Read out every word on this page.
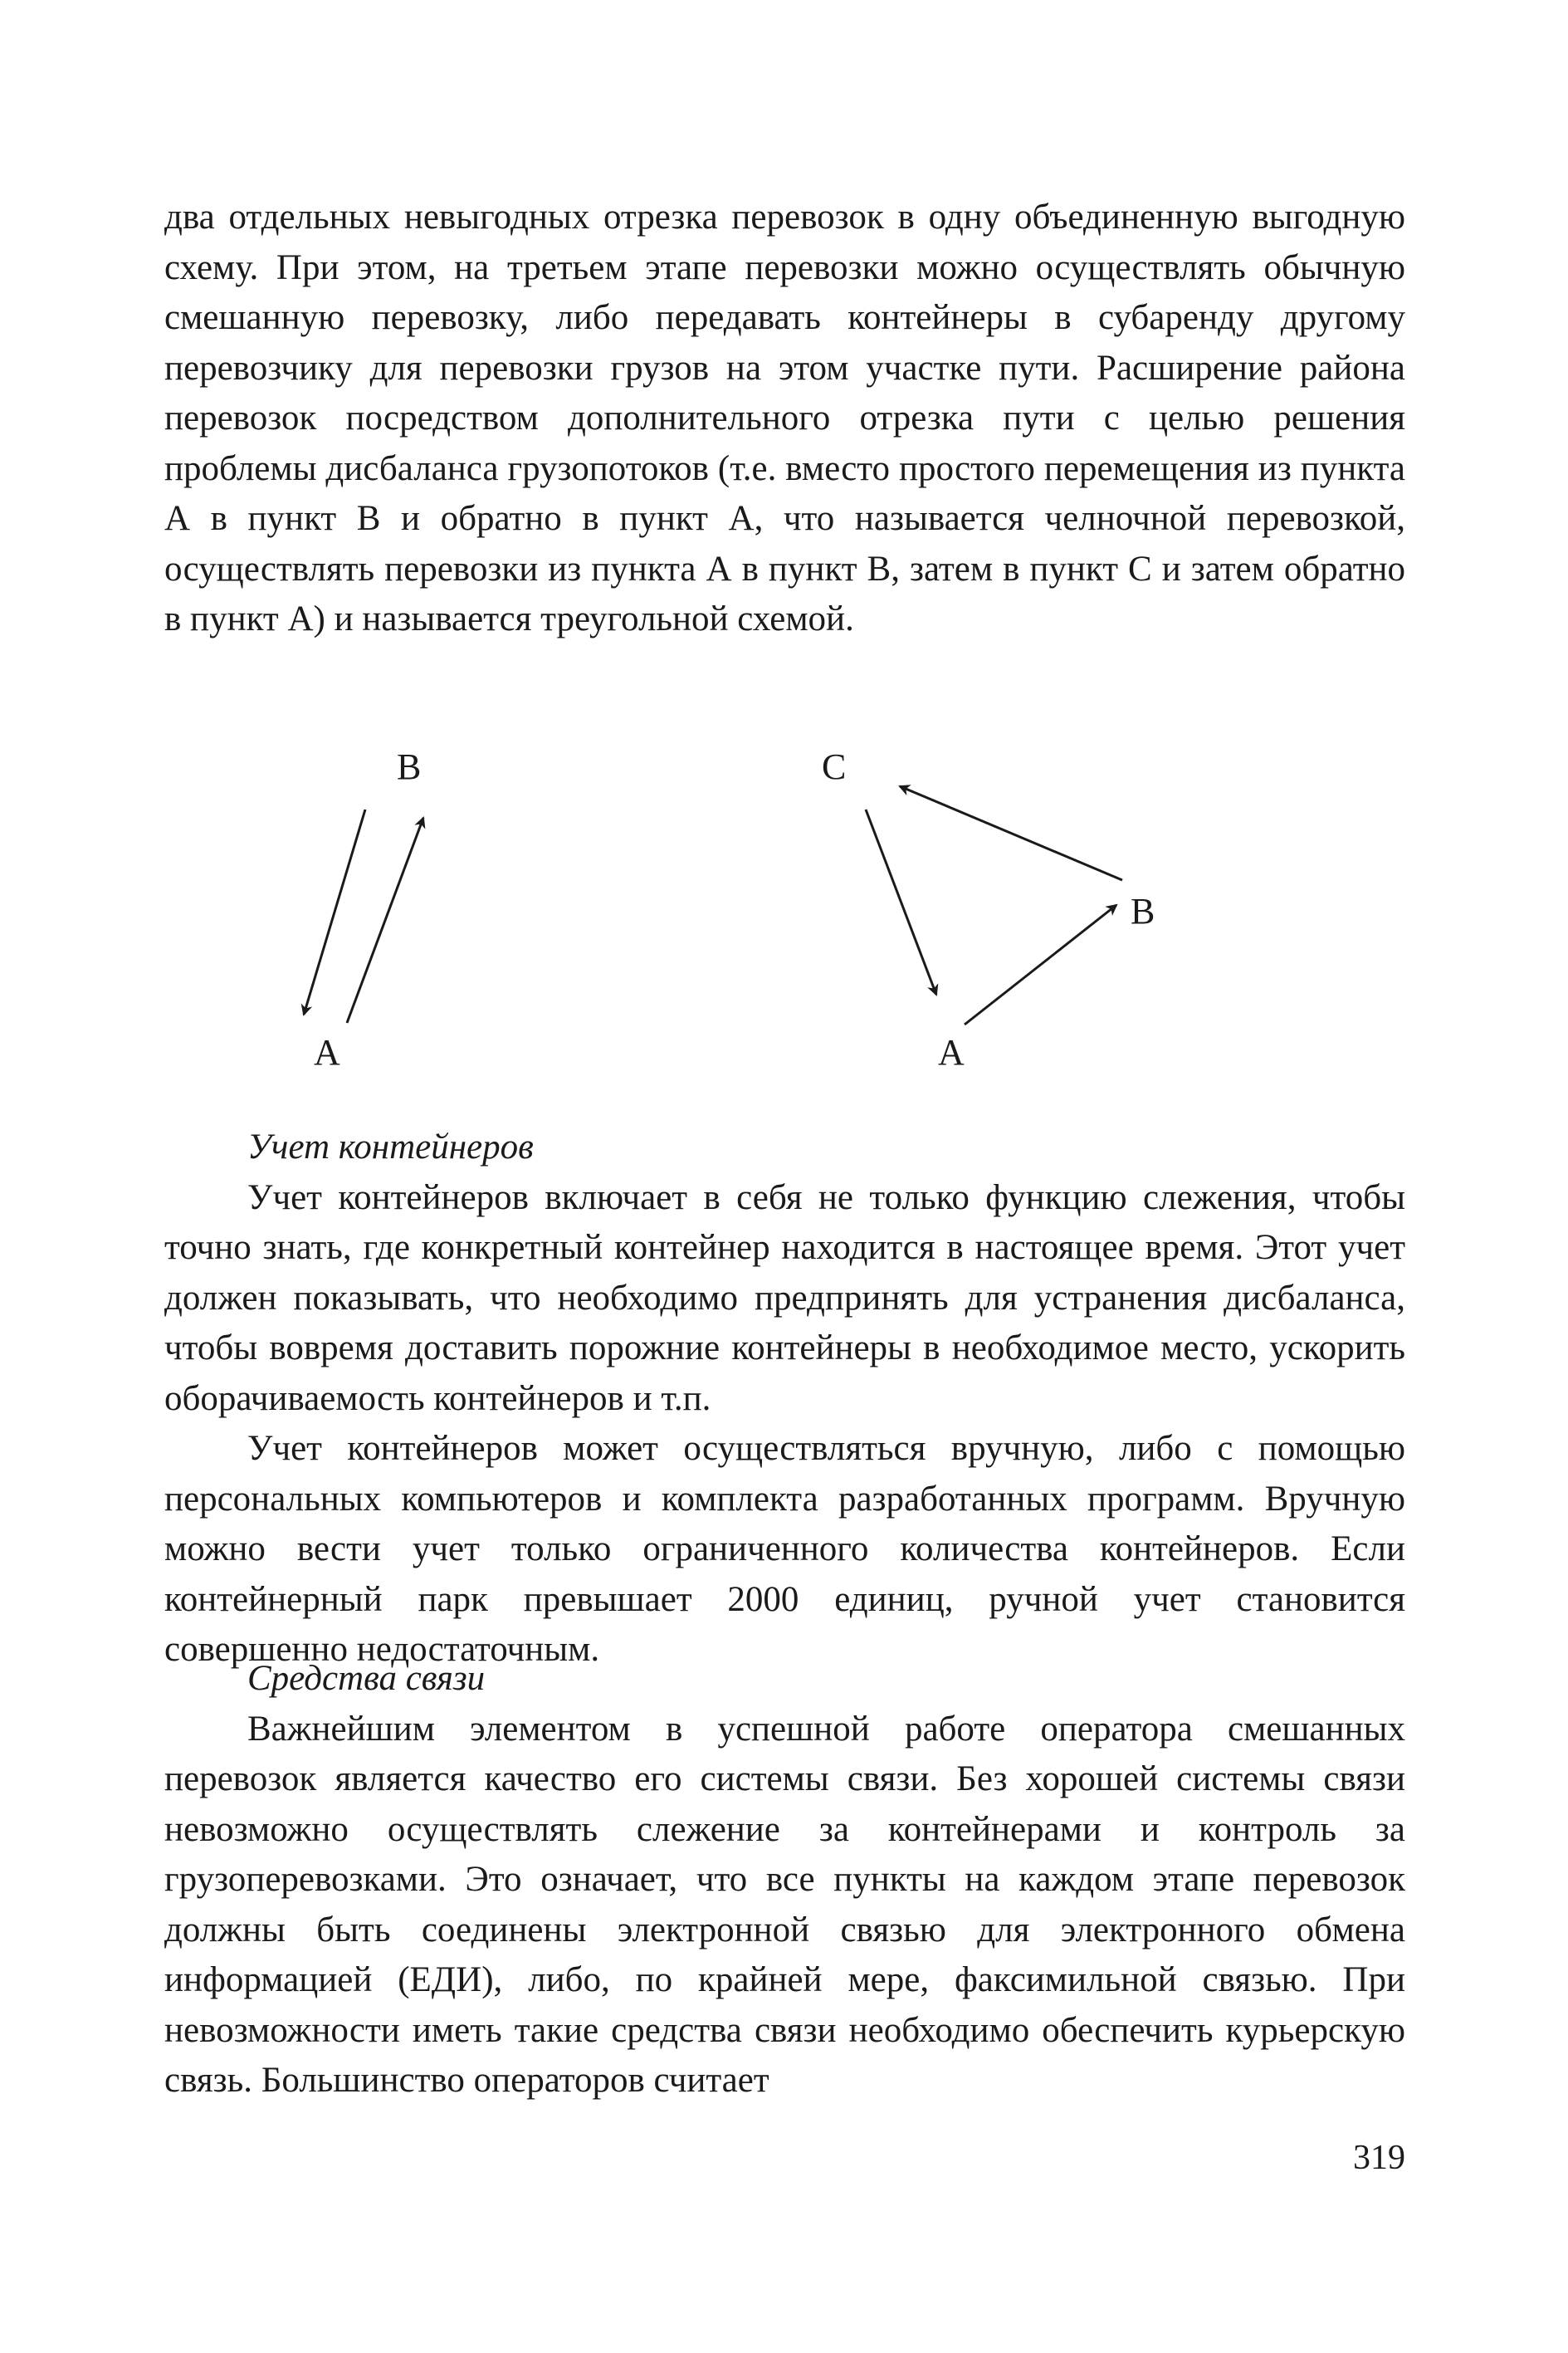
два отдельных невыгодных отрезка перевозок в одну объединенную выгодную схему. При этом, на третьем этапе перевозки можно осуществлять обычную смешанную перевозку, либо передавать контейнеры в субаренду другому перевозчику для перевозки грузов на этом участке пути. Расширение района перевозок посредством дополнительного отрезка пути с целью решения проблемы дисбаланса грузопотоков (т.е. вместо простого перемещения из пункта А в пункт В и обратно в пункт А, что называется челночной перевозкой, осуществлять перевозки из пункта А в пункт В, затем в пункт С и затем обратно в пункт А) и называется треугольной схемой.

B
A
C
B
A

Учет контейнеров

Учет контейнеров включает в себя не только функцию слежения, чтобы точно знать, где конкретный контейнер находится в настоящее время. Этот учет должен показывать, что необходимо предпринять для устранения дисбаланса, чтобы вовремя доставить порожние контейнеры в необходимое место, ускорить оборачиваемость контейнеров и т.п.

Учет контейнеров может осуществляться вручную, либо с помощью персональных компьютеров и комплекта разработанных программ. Вручную можно вести учет только ограниченного количества контейнеров. Если контейнерный парк превышает 2000 единиц, ручной учет становится совершенно недостаточным.

Средства связи

Важнейшим элементом в успешной работе оператора смешанных перевозок является качество его системы связи. Без хорошей системы связи невозможно осуществлять слежение за контейнерами и контроль за грузоперевозками. Это означает, что все пункты на каждом этапе перевозок должны быть соединены электронной связью для электронного обмена информацией (ЕДИ), либо, по крайней мере, факсимильной связью. При невозможности иметь такие средства связи необходимо обеспечить курьерскую связь. Большинство операторов считает

319
